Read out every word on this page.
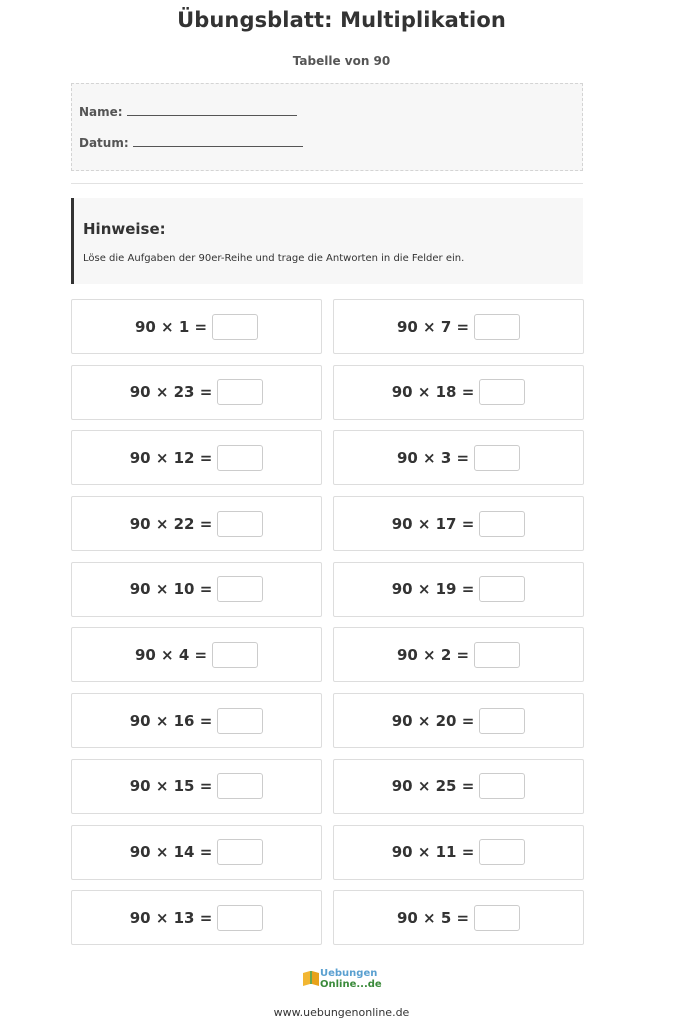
Übungsblatt: Multiplikation
Tabelle von 90
Name:
Datum:
Hinweise:
Löse die Aufgaben der 90er-Reihe und trage die Antworten in die Felder ein.
90 × 1 =	90 × 7 =
90 × 23 =	90 × 18 =
90 × 12 =	90 × 3 =
90 × 22 =	90 × 17 =
90 × 10 =	90 × 19 =
90 × 4 =	90 × 2 =
90 × 16 =	90 × 20 =
90 × 15 =	90 × 25 =
90 × 14 =	90 × 11 =
90 × 13 =	90 × 5 =
Uebungen
Online...de
www.uebungenonline.de
